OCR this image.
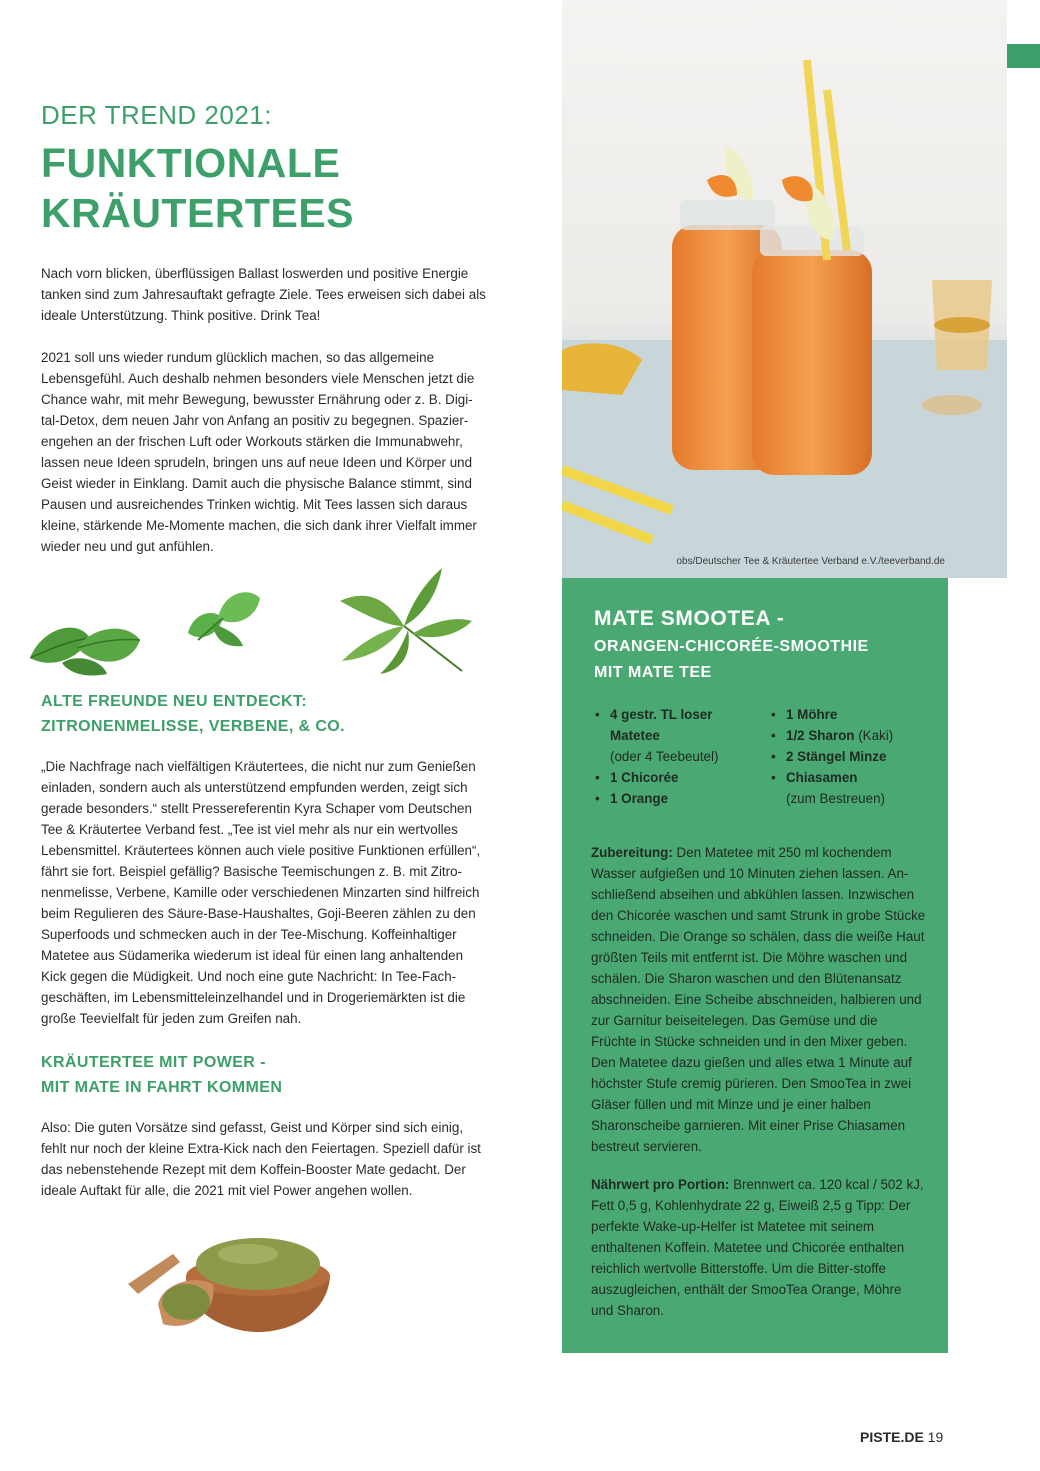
DER TREND 2021:
FUNKTIONALE
KRÄUTERTEES

Nach vorn blicken, überflüssigen Ballast loswerden und positive Energie tanken sind zum Jahresauftakt gefragte Ziele. Tees erweisen sich dabei als ideale Unterstützung. Think positive. Drink Tea!

2021 soll uns wieder rundum glücklich machen, so das allgemeine Lebensgefühl. Auch deshalb nehmen besonders viele Menschen jetzt die Chance wahr, mit mehr Bewegung, bewusster Ernährung oder z. B. Digi-tal-Detox, dem neuen Jahr von Anfang an positiv zu begegnen. Spazier-engehen an der frischen Luft oder Workouts stärken die Immunabwehr, lassen neue Ideen sprudeln, bringen uns auf neue Ideen und Körper und Geist wieder in Einklang. Damit auch die physische Balance stimmt, sind Pausen und ausreichendes Trinken wichtig. Mit Tees lassen sich daraus kleine, stärkende Me-Momente machen, die sich dank ihrer Vielfalt immer wieder neu und gut anfühlen.

ALTE FREUNDE NEU ENTDECKT:
ZITRONENMELISSE, VERBENE, & CO.

„Die Nachfrage nach vielfältigen Kräutertees, die nicht nur zum Genießen einladen, sondern auch als unterstützend empfunden werden, zeigt sich gerade besonders.“ stellt Pressereferentin Kyra Schaper vom Deutschen Tee & Kräutertee Verband fest. „Tee ist viel mehr als nur ein wertvolles Lebensmittel. Kräutertees können auch viele positive Funktionen erfüllen“, fährt sie fort. Beispiel gefällig? Basische Teemischungen z. B. mit Zitro-nenmelisse, Verbene, Kamille oder verschiedenen Minzarten sind hilfreich beim Regulieren des Säure-Base-Haushaltes, Goji-Beeren zählen zu den Superfoods und schmecken auch in der Tee-Mischung. Koffeinhaltiger Matetee aus Südamerika wiederum ist ideal für einen lang anhaltenden Kick gegen die Müdigkeit. Und noch eine gute Nachricht: In Tee-Fach-geschäften, im Lebensmitteleinzelhandel und in Drogeriemärkten ist die große Teevielfalt für jeden zum Greifen nah.

KRÄUTERTEE MIT POWER -
MIT MATE IN FAHRT KOMMEN

Also: Die guten Vorsätze sind gefasst, Geist und Körper sind sich einig, fehlt nur noch der kleine Extra-Kick nach den Feiertagen. Speziell dafür ist das nebenstehende Rezept mit dem Koffein-Booster Mate gedacht. Der ideale Auftakt für alle, die 2021 mit viel Power angehen wollen.

obs/Deutscher Tee & Kräutertee Verband e.V./teeverband.de
MATE SMOOTEA -
ORANGEN-CHICORÉE-SMOOTHIE
MIT MATE TEE
• 4 gestr. TL loser
Matetee
(oder 4 Teebeutel)
• 1 Chicorée
• 1 Orange
• 1 Möhre
• 1/2 Sharon (Kaki)
• 2 Stängel Minze
• Chiasamen
(zum Bestreuen)

Zubereitung: Den Matetee mit 250 ml kochendem Wasser aufgießen und 10 Minuten ziehen lassen. An-schließend abseihen und abkühlen lassen. Inzwischen den Chicorée waschen und samt Strunk in grobe Stücke schneiden. Die Orange so schälen, dass die weiße Haut größten Teils mit entfernt ist. Die Möhre waschen und schälen. Die Sharon waschen und den Blütenansatz abschneiden. Eine Scheibe abschneiden, halbieren und zur Garnitur beiseitelegen. Das Gemüse und die Früchte in Stücke schneiden und in den Mixer geben. Den Matetee dazu gießen und alles etwa 1 Minute auf höchster Stufe cremig pürieren. Den SmooTea in zwei Gläser füllen und mit Minze und je einer halben Sharonscheibe garnieren. Mit einer Prise Chiasamen bestreut servieren.

Nährwert pro Portion: Brennwert ca. 120 kcal / 502 kJ, Fett 0,5 g, Kohlenhydrate 22 g, Eiweiß 2,5 g Tipp: Der perfekte Wake-up-Helfer ist Matetee mit seinem enthaltenen Koffein. Matetee und Chicorée enthalten reichlich wertvolle Bitterstoffe. Um die Bitter-stoffe auszugleichen, enthält der SmooTea Orange, Möhre und Sharon.

PISTE.DE 19
